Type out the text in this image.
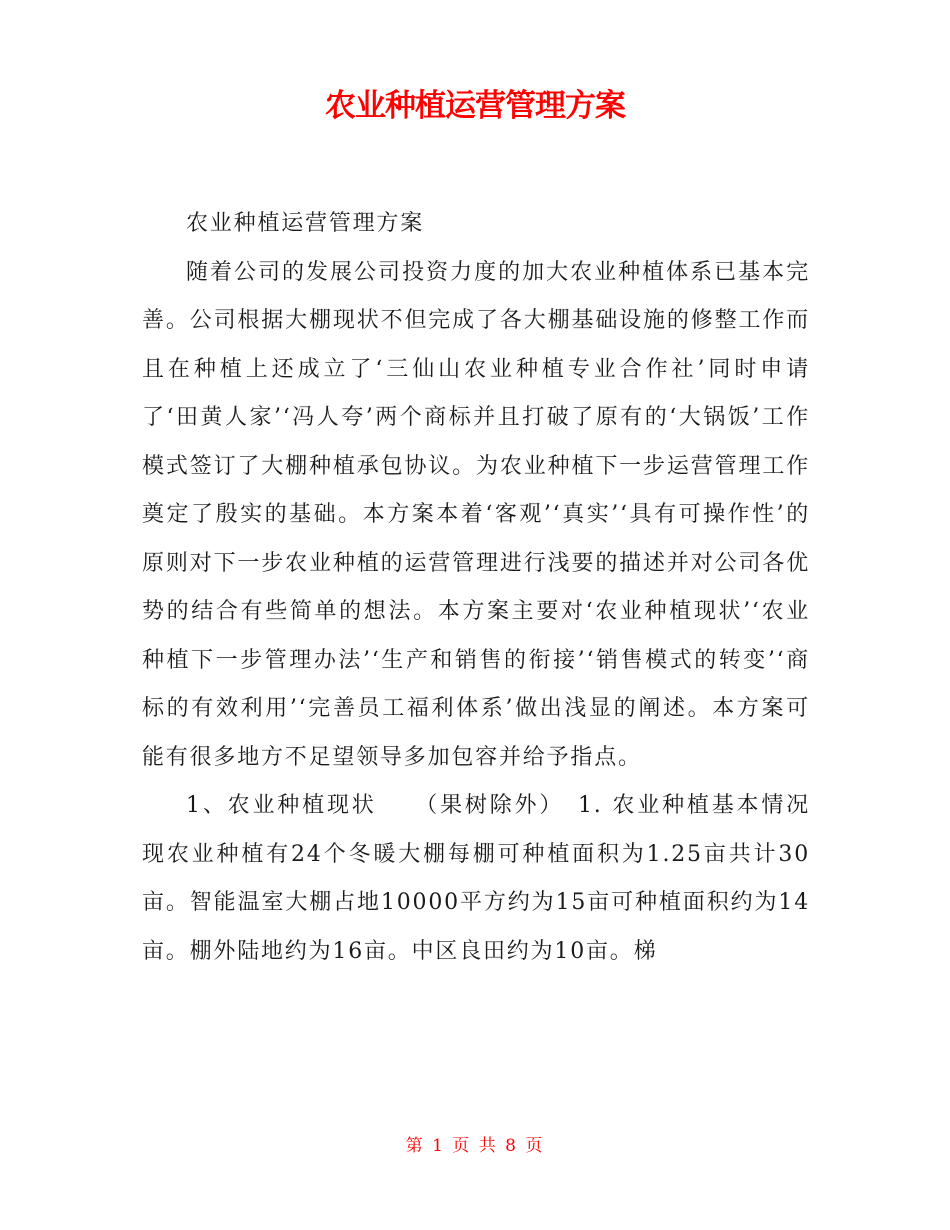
农业种植运营管理方案

农业种植运营管理方案

随着公司的发展公司投资力度的加大农业种植体系已基本完善。公司根据大棚现状不但完成了各大棚基础设施的修整工作而且在种植上还成立了‘三仙山农业种植专业合作社’同时申请了‘田黄人家’‘冯人夸’两个商标并且打破了原有的‘大锅饭’工作模式签订了大棚种植承包协议。为农业种植下一步运营管理工作奠定了殷实的基础。本方案本着‘客观’‘真实’‘具有可操作性’的原则对下一步农业种植的运营管理进行浅要的描述并对公司各优势的结合有些简单的想法。本方案主要对‘农业种植现状’‘农业种植下一步管理办法’‘生产和销售的衔接’‘销售模式的转变’‘商标的有效利用’‘完善员工福利体系’做出浅显的阐述。本方案可能有很多地方不足望领导多加包容并给予指点。

1、农业种植现状　　（果树除外）　1. 农业种植基本情况　　现农业种植有24个冬暖大棚每棚可种植面积为1.25亩共计30亩。智能温室大棚占地10000平方约为15亩可种植面积约为14亩。棚外陆地约为16亩。中区良田约为10亩。梯

第 1 页 共 8 页
